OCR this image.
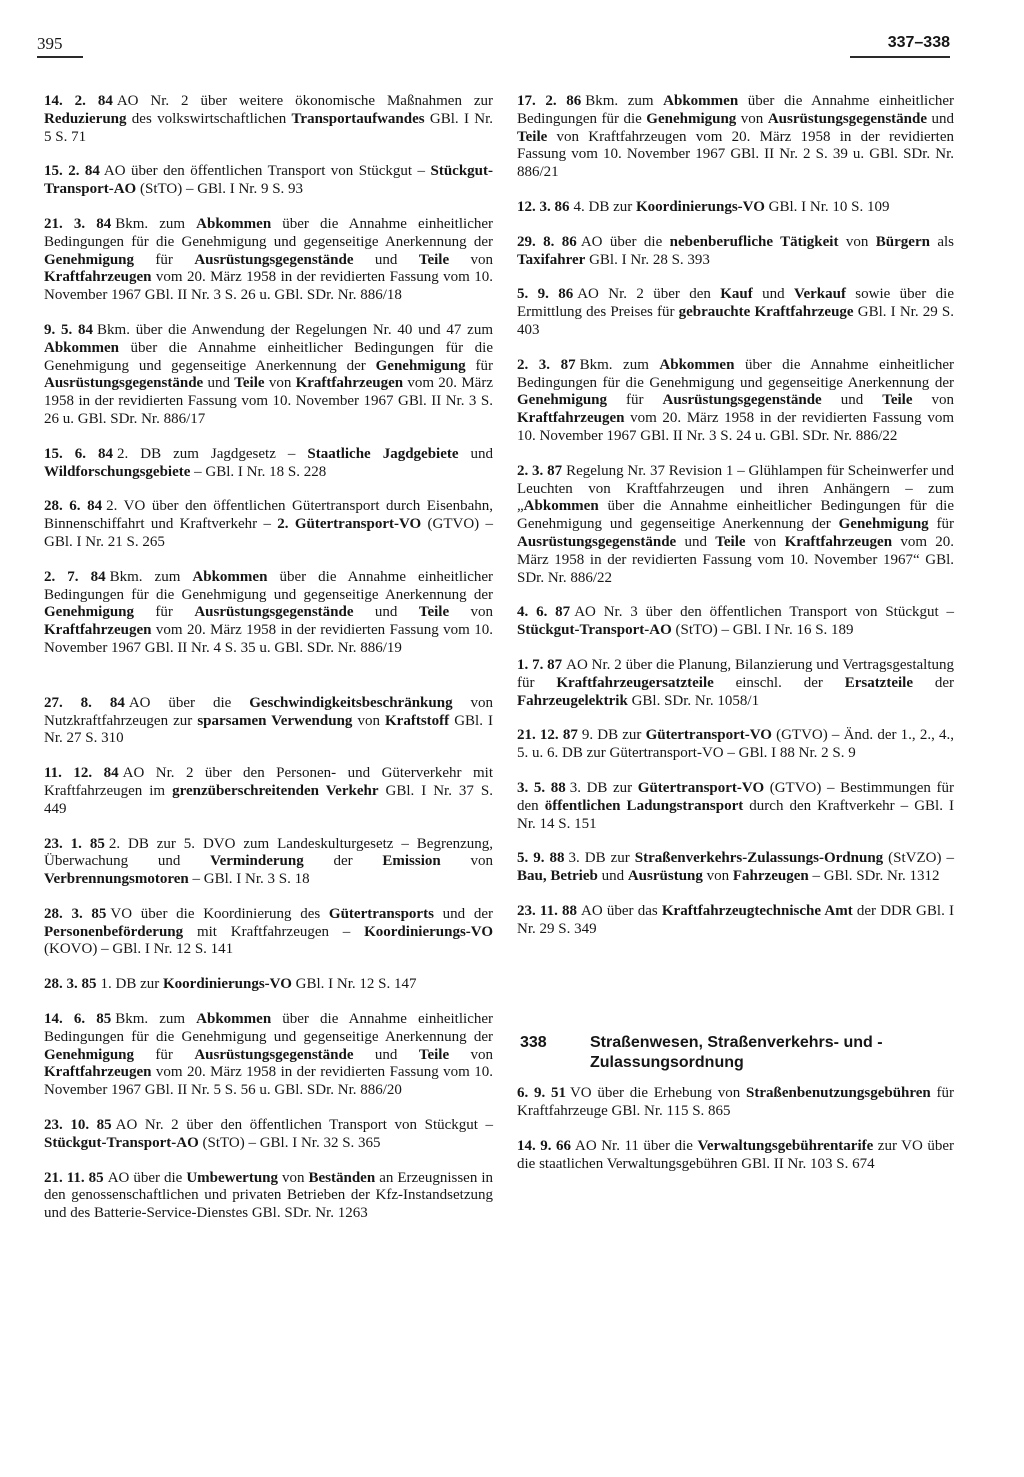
395	337–338
14. 2. 84 AO Nr. 2 über weitere ökonomische Maßnahmen zur Reduzierung des volkswirtschaftlichen Transportaufwandes GBl. I Nr. 5 S. 71
15. 2. 84 AO über den öffentlichen Transport von Stückgut – Stückgut-Transport-AO (StTO) – GBl. I Nr. 9 S. 93
21. 3. 84 Bkm. zum Abkommen über die Annahme einheitlicher Bedingungen für die Genehmigung und gegenseitige Anerkennung der Genehmigung für Ausrüstungsgegenstände und Teile von Kraftfahrzeugen vom 20. März 1958 in der revidierten Fassung vom 10. November 1967 GBl. II Nr. 3 S. 26 u. GBl. SDr. Nr. 886/18
9. 5. 84 Bkm. über die Anwendung der Regelungen Nr. 40 und 47 zum Abkommen über die Annahme einheitlicher Bedingungen für die Genehmigung und gegenseitige Anerkennung der Genehmigung für Ausrüstungsgegenstände und Teile von Kraftfahrzeugen vom 20. März 1958 in der revidierten Fassung vom 10. November 1967 GBl. II Nr. 3 S. 26 u. GBl. SDr. Nr. 886/17
15. 6. 84 2. DB zum Jagdgesetz – Staatliche Jagdgebiete und Wildforschungsgebiete – GBl. I Nr. 18 S. 228
28. 6. 84 2. VO über den öffentlichen Gütertransport durch Eisenbahn, Binnenschiffahrt und Kraftverkehr – 2. Gütertransport-VO (GTVO) – GBl. I Nr. 21 S. 265
2. 7. 84 Bkm. zum Abkommen über die Annahme einheitlicher Bedingungen für die Genehmigung und gegenseitige Anerkennung der Genehmigung für Ausrüstungsgegenstände und Teile von Kraftfahrzeugen vom 20. März 1958 in der revidierten Fassung vom 10. November 1967 GBl. II Nr. 4 S. 35 u. GBl. SDr. Nr. 886/19
27. 8. 84 AO über die Geschwindigkeitsbeschränkung von Nutzkraftfahrzeugen zur sparsamen Verwendung von Kraftstoff GBl. I Nr. 27 S. 310
11. 12. 84 AO Nr. 2 über den Personen- und Güterverkehr mit Kraftfahrzeugen im grenzüberschreitenden Verkehr GBl. I Nr. 37 S. 449
23. 1. 85 2. DB zur 5. DVO zum Landeskulturgesetz – Begrenzung, Überwachung und Verminderung der Emission von Verbrennungsmotoren – GBl. I Nr. 3 S. 18
28. 3. 85 VO über die Koordinierung des Gütertransports und der Personenbeförderung mit Kraftfahrzeugen – Koordinierungs-VO (KOVO) – GBl. I Nr. 12 S. 141
28. 3. 85 1. DB zur Koordinierungs-VO GBl. I Nr. 12 S. 147
14. 6. 85 Bkm. zum Abkommen über die Annahme einheitlicher Bedingungen für die Genehmigung und gegenseitige Anerkennung der Genehmigung für Ausrüstungsgegenstände und Teile von Kraftfahrzeugen vom 20. März 1958 in der revidierten Fassung vom 10. November 1967 GBl. II Nr. 5 S. 56 u. GBl. SDr. Nr. 886/20
23. 10. 85 AO Nr. 2 über den öffentlichen Transport von Stückgut – Stückgut-Transport-AO (StTO) – GBl. I Nr. 32 S. 365
21. 11. 85 AO über die Umbewertung von Beständen an Erzeugnissen in den genossenschaftlichen und privaten Betrieben der Kfz-Instandsetzung und des Batterie-Service-Dienstes GBl. SDr. Nr. 1263
17. 2. 86 Bkm. zum Abkommen über die Annahme einheitlicher Bedingungen für die Genehmigung von Ausrüstungsgegenstände und Teile von Kraftfahrzeugen vom 20. März 1958 in der revidierten Fassung vom 10. November 1967 GBl. II Nr. 2 S. 39 u. GBl. SDr. Nr. 886/21
12. 3. 86 4. DB zur Koordinierungs-VO GBl. I Nr. 10 S. 109
29. 8. 86 AO über die nebenberufliche Tätigkeit von Bürgern als Taxifahrer GBl. I Nr. 28 S. 393
5. 9. 86 AO Nr. 2 über den Kauf und Verkauf sowie über die Ermittlung des Preises für gebrauchte Kraftfahrzeuge GBl. I Nr. 29 S. 403
2. 3. 87 Bkm. zum Abkommen über die Annahme einheitlicher Bedingungen für die Genehmigung und gegenseitige Anerkennung der Genehmigung für Ausrüstungsgegenstände und Teile von Kraftfahrzeugen vom 20. März 1958 in der revidierten Fassung vom 10. November 1967 GBl. II Nr. 3 S. 24 u. GBl. SDr. Nr. 886/22
2. 3. 87 Regelung Nr. 37 Revision 1 – Glühlampen für Scheinwerfer und Leuchten von Kraftfahrzeugen und ihren Anhängern – zum „Abkommen über die Annahme einheitlicher Bedingungen für die Genehmigung und gegenseitige Anerkennung der Genehmigung für Ausrüstungsgegenstände und Teile von Kraftfahrzeugen vom 20. März 1958 in der revidierten Fassung vom 10. November 1967“ GBl. SDr. Nr. 886/22
4. 6. 87 AO Nr. 3 über den öffentlichen Transport von Stückgut – Stückgut-Transport-AO (StTO) – GBl. I Nr. 16 S. 189
1. 7. 87 AO Nr. 2 über die Planung, Bilanzierung und Vertragsgestaltung für Kraftfahrzeugersatzteile einschl. der Ersatzteile der Fahrzeugelektrik GBl. SDr. Nr. 1058/1
21. 12. 87 9. DB zur Gütertransport-VO (GTVO) – Änd. der 1., 2., 4., 5. u. 6. DB zur Gütertransport-VO – GBl. I 88 Nr. 2 S. 9
3. 5. 88 3. DB zur Gütertransport-VO (GTVO) – Bestimmungen für den öffentlichen Ladungstransport durch den Kraftverkehr – GBl. I Nr. 14 S. 151
5. 9. 88 3. DB zur Straßenverkehrs-Zulassungs-Ordnung (StVZO) – Bau, Betrieb und Ausrüstung von Fahrzeugen – GBl. SDr. Nr. 1312
23. 11. 88 AO über das Kraftfahrzeugtechnische Amt der DDR GBl. I Nr. 29 S. 349
338	Straßenwesen, Straßenverkehrs- und -Zulassungsordnung
6. 9. 51 VO über die Erhebung von Straßenbenutzungsgebühren für Kraftfahrzeuge GBl. Nr. 115 S. 865
14. 9. 66 AO Nr. 11 über die Verwaltungsgebührentarife zur VO über die staatlichen Verwaltungsgebühren GBl. II Nr. 103 S. 674
